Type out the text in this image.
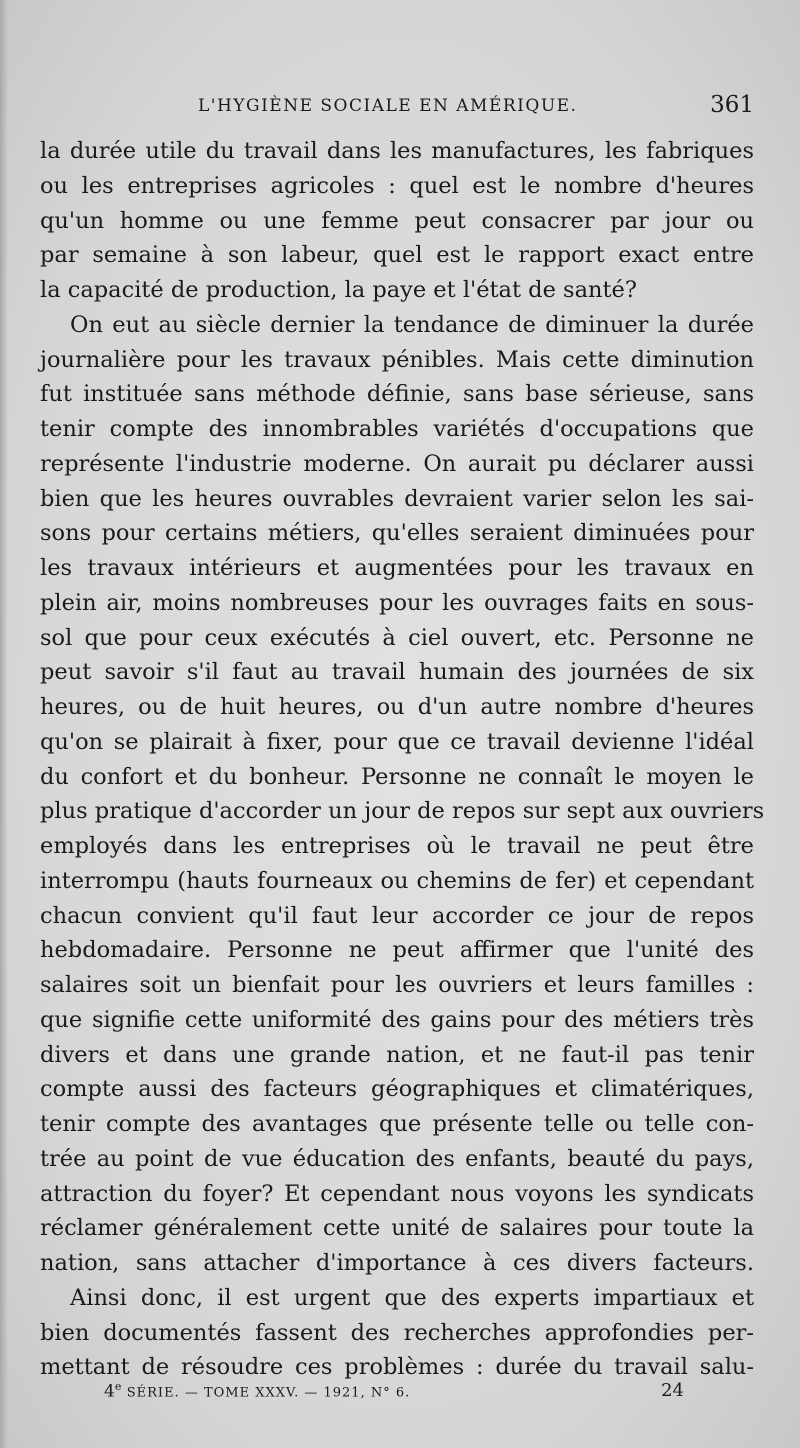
L'HYGIÈNE SOCIALE EN AMÉRIQUE.	361
la durée utile du travail dans les manufactures, les fabriques
ou les entreprises agricoles : quel est le nombre d'heures
qu'un homme ou une femme peut consacrer par jour ou
par semaine à son labeur, quel est le rapport exact entre
la capacité de production, la paye et l'état de santé?
On eut au siècle dernier la tendance de diminuer la durée
journalière pour les travaux pénibles. Mais cette diminution
fut instituée sans méthode définie, sans base sérieuse, sans
tenir compte des innombrables variétés d'occupations que
représente l'industrie moderne. On aurait pu déclarer aussi
bien que les heures ouvrables devraient varier selon les sai-
sons pour certains métiers, qu'elles seraient diminuées pour
les travaux intérieurs et augmentées pour les travaux en
plein air, moins nombreuses pour les ouvrages faits en sous-
sol que pour ceux exécutés à ciel ouvert, etc. Personne ne
peut savoir s'il faut au travail humain des journées de six
heures, ou de huit heures, ou d'un autre nombre d'heures
qu'on se plairait à fixer, pour que ce travail devienne l'idéal
du confort et du bonheur. Personne ne connaît le moyen le
plus pratique d'accorder un jour de repos sur sept aux ouvriers
employés dans les entreprises où le travail ne peut être
interrompu (hauts fourneaux ou chemins de fer) et cependant
chacun convient qu'il faut leur accorder ce jour de repos
hebdomadaire. Personne ne peut affirmer que l'unité des
salaires soit un bienfait pour les ouvriers et leurs familles :
que signifie cette uniformité des gains pour des métiers très
divers et dans une grande nation, et ne faut-il pas tenir
compte aussi des facteurs géographiques et climatériques,
tenir compte des avantages que présente telle ou telle con-
trée au point de vue éducation des enfants, beauté du pays,
attraction du foyer? Et cependant nous voyons les syndicats
réclamer généralement cette unité de salaires pour toute la
nation, sans attacher d'importance à ces divers facteurs.
Ainsi donc, il est urgent que des experts impartiaux et
bien documentés fassent des recherches approfondies per-
mettant de résoudre ces problèmes : durée du travail salu-
4e SÉRIE. — TOME XXXV. — 1921, N° 6.	24
